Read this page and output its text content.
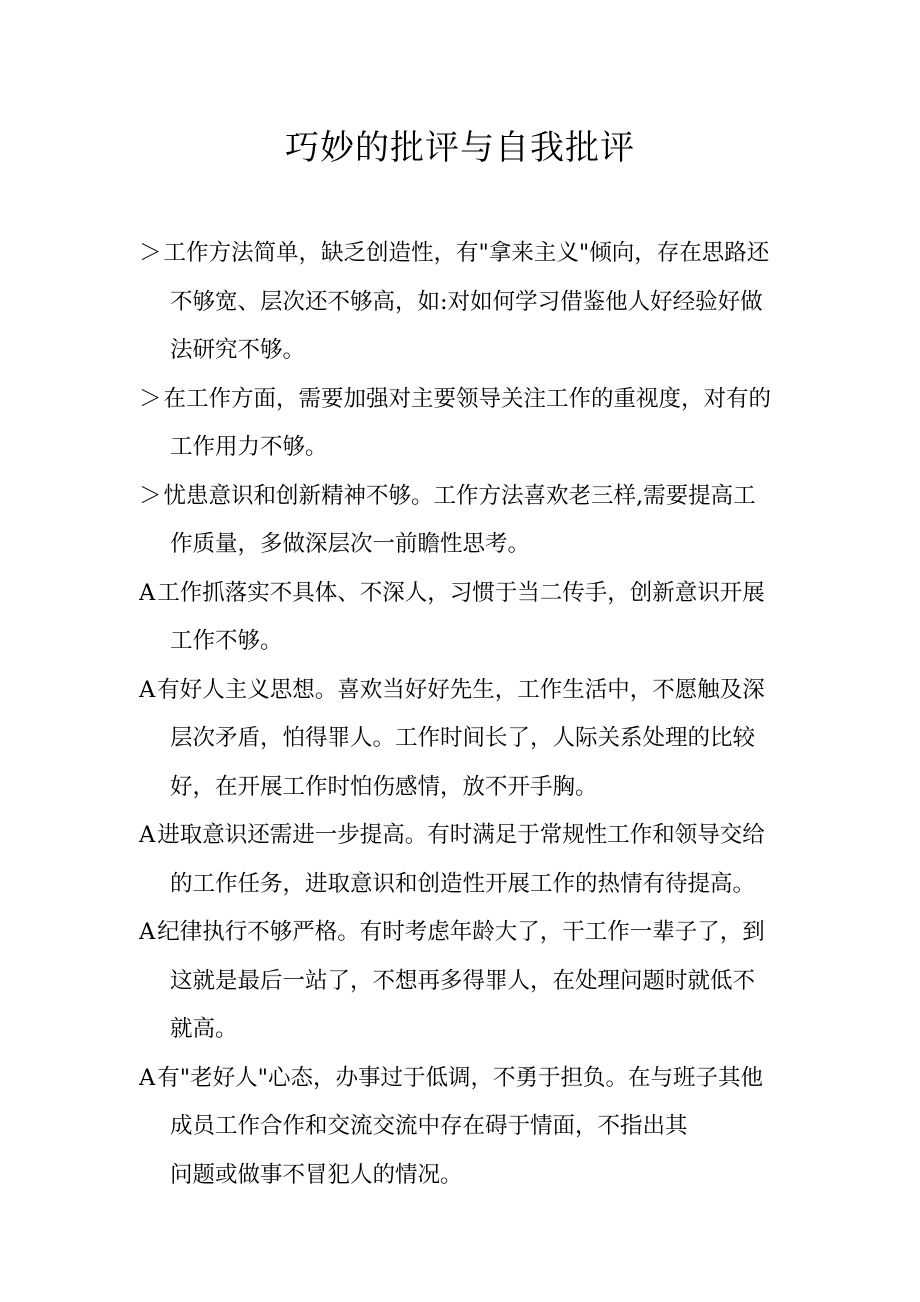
巧妙的批评与自我批评
＞工作方法简单，缺乏创造性，有"拿来主义"倾向，存在思路还
不够宽、层次还不够高，如:对如何学习借鉴他人好经验好做
法研究不够。
＞在工作方面，需要加强对主要领导关注工作的重视度，对有的
工作用力不够。
＞忧患意识和创新精神不够。工作方法喜欢老三样,需要提高工
作质量，多做深层次一前瞻性思考。
A工作抓落实不具体、不深人，习惯于当二传手，创新意识开展
工作不够。
A有好人主义思想。喜欢当好好先生，工作生活中，不愿触及深
层次矛盾，怕得罪人。工作时间长了，人际关系处理的比较
好，在开展工作时怕伤感情，放不开手胸。
A进取意识还需进一步提高。有时满足于常规性工作和领导交给
的工作任务，进取意识和创造性开展工作的热情有待提高。
A纪律执行不够严格。有时考虑年龄大了，干工作一辈子了，到
这就是最后一站了，不想再多得罪人，在处理问题时就低不
就高。
A有"老好人"心态，办事过于低调，不勇于担负。在与班子其他
成员工作合作和交流交流中存在碍于情面，不指出其
问题或做事不冒犯人的情况。
